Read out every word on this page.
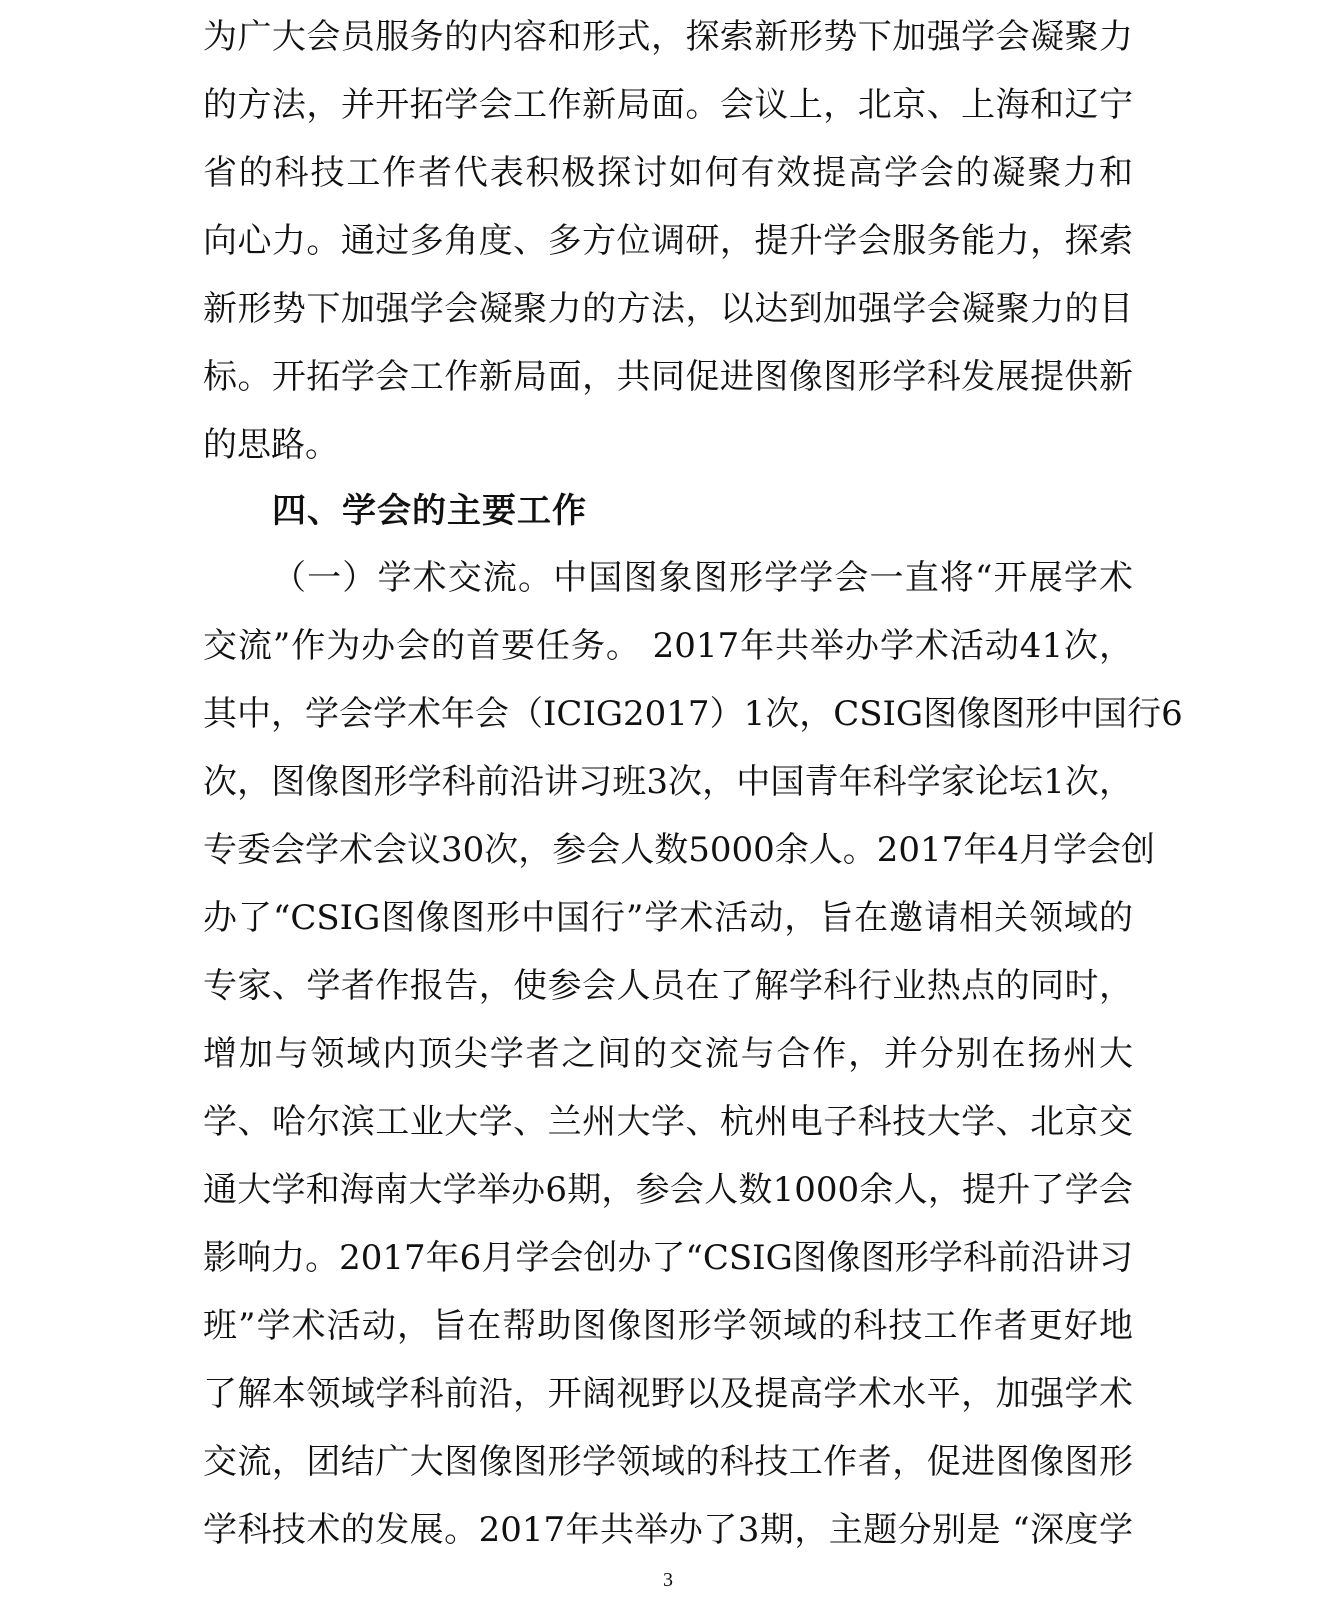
为广大会员服务的内容和形式，探索新形势下加强学会凝聚力
的方法，并开拓学会工作新局面。会议上，北京、上海和辽宁
省的科技工作者代表积极探讨如何有效提高学会的凝聚力和
向心力。通过多角度、多方位调研，提升学会服务能力，探索
新形势下加强学会凝聚力的方法，以达到加强学会凝聚力的目
标。开拓学会工作新局面，共同促进图像图形学科发展提供新
的思路。
四、学会的主要工作
（一）学术交流。中国图象图形学学会一直将“开展学术
交流”作为办会的首要任务。 2017年共举办学术活动41次，
其中，学会学术年会（ICIG2017）1次，CSIG图像图形中国行6
次，图像图形学科前沿讲习班3次，中国青年科学家论坛1次，
专委会学术会议30次，参会人数5000余人。2017年4月学会创
办了“CSIG图像图形中国行”学术活动，旨在邀请相关领域的
专家、学者作报告，使参会人员在了解学科行业热点的同时，
增加与领域内顶尖学者之间的交流与合作，并分别在扬州大
学、哈尔滨工业大学、兰州大学、杭州电子科技大学、北京交
通大学和海南大学举办6期，参会人数1000余人，提升了学会
影响力。2017年6月学会创办了“CSIG图像图形学科前沿讲习
班”学术活动，旨在帮助图像图形学领域的科技工作者更好地
了解本领域学科前沿，开阔视野以及提高学术水平，加强学术
交流，团结广大图像图形学领域的科技工作者，促进图像图形
学科技术的发展。2017年共举办了3期，主题分别是 “深度学
3
